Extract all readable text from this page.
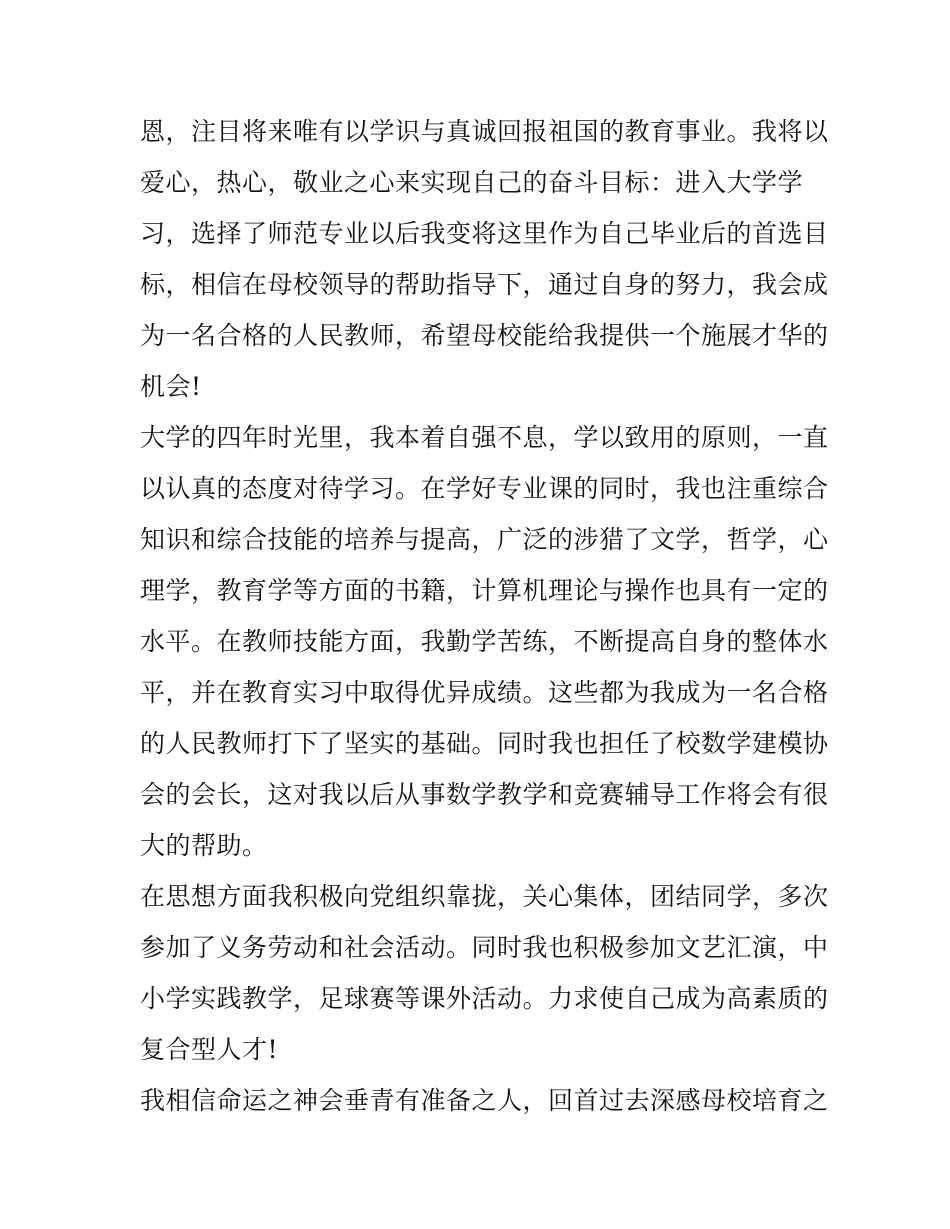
恩，注目将来唯有以学识与真诚回报祖国的教育事业。我将以
爱心，热心，敬业之心来实现自己的奋斗目标：进入大学学
习，选择了师范专业以后我变将这里作为自己毕业后的首选目
标，相信在母校领导的帮助指导下，通过自身的努力，我会成
为一名合格的人民教师，希望母校能给我提供一个施展才华的
机会!
大学的四年时光里，我本着自强不息，学以致用的原则，一直
以认真的态度对待学习。在学好专业课的同时，我也注重综合
知识和综合技能的培养与提高，广泛的涉猎了文学，哲学，心
理学，教育学等方面的书籍，计算机理论与操作也具有一定的
水平。在教师技能方面，我勤学苦练，不断提高自身的整体水
平，并在教育实习中取得优异成绩。这些都为我成为一名合格
的人民教师打下了坚实的基础。同时我也担任了校数学建模协
会的会长，这对我以后从事数学教学和竞赛辅导工作将会有很
大的帮助。
在思想方面我积极向党组织靠拢，关心集体，团结同学，多次
参加了义务劳动和社会活动。同时我也积极参加文艺汇演，中
小学实践教学，足球赛等课外活动。力求使自己成为高素质的
复合型人才!
我相信命运之神会垂青有准备之人，回首过去深感母校培育之
